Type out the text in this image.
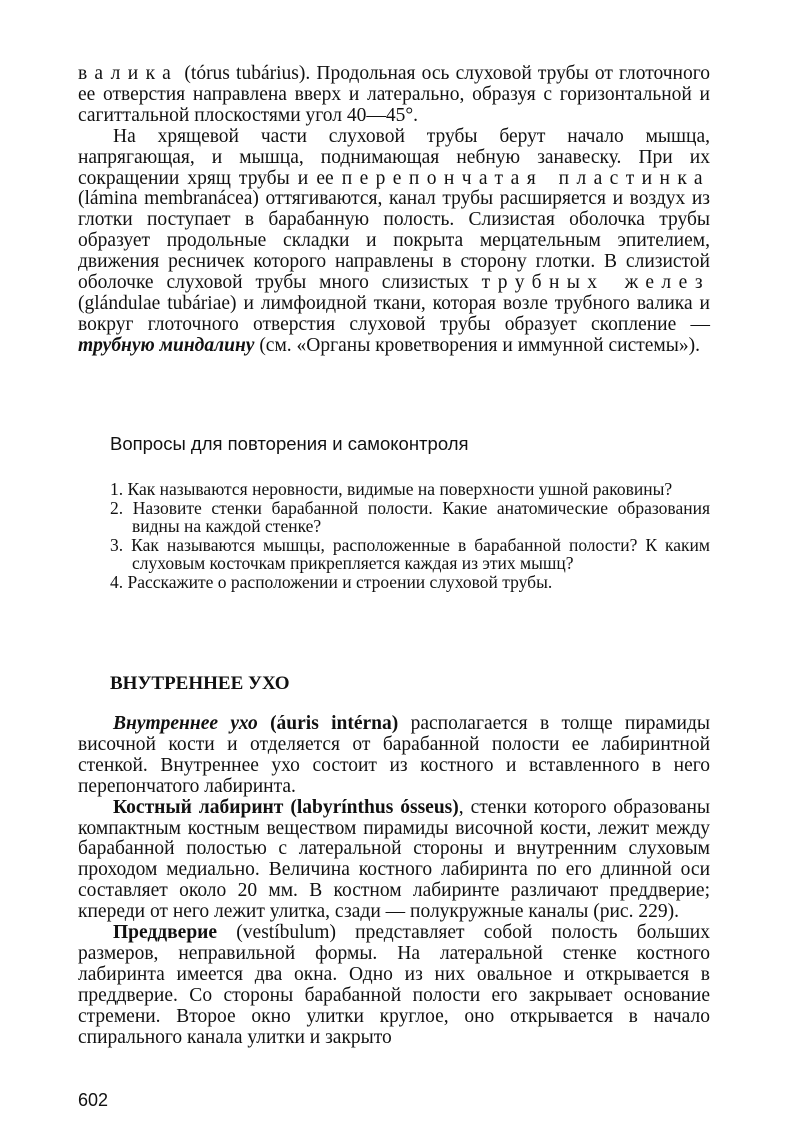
валика (tórus tubárius). Продольная ось слуховой трубы от глоточного ее отверстия направлена вверх и латерально, образуя с горизонтальной и сагиттальной плоскостями угол 40—45°.

На хрящевой части слуховой трубы берут начало мышца, напрягающая, и мышца, поднимающая небную занавеску. При их сокращении хрящ трубы и ее перепончатая пластинка (lámina membranácea) оттягиваются, канал трубы расширяется и воздух из глотки поступает в барабанную полость. Слизистая оболочка трубы образует продольные складки и покрыта мерцательным эпителием, движения ресничек которого направлены в сторону глотки. В слизистой оболочке слуховой трубы много слизистых трубных желез (glándulae tubáriae) и лимфоидной ткани, которая возле трубного валика и вокруг глоточного отверстия слуховой трубы образует скопление — трубную миндалину (см. «Органы кроветворения и иммунной системы»).

Вопросы для повторения и самоконтроля
1. Как называются неровности, видимые на поверхности ушной раковины?
2. Назовите стенки барабанной полости. Какие анатомические образования видны на каждой стенке?
3. Как называются мышцы, расположенные в барабанной полости? К каким слуховым косточкам прикрепляется каждая из этих мышц?
4. Расскажите о расположении и строении слуховой трубы.
ВНУТРЕННЕЕ УХО

Внутреннее ухо (áuris intérna) располагается в толще пирамиды височной кости и отделяется от барабанной полости ее лабиринтной стенкой. Внутреннее ухо состоит из костного и вставленного в него перепончатого лабиринта.

Костный лабиринт (labyrínthus ósseus), стенки которого образованы компактным костным веществом пирамиды височной кости, лежит между барабанной полостью с латеральной стороны и внутренним слуховым проходом медиально. Величина костного лабиринта по его длинной оси составляет около 20 мм. В костном лабиринте различают преддверие; кпереди от него лежит улитка, сзади — полукружные каналы (рис. 229).

Преддверие (vestíbulum) представляет собой полость больших размеров, неправильной формы. На латеральной стенке костного лабиринта имеется два окна. Одно из них овальное и открывается в преддверие. Со стороны барабанной полости его закрывает основание стремени. Второе окно улитки круглое, оно открывается в начало спирального канала улитки и закрыто

602
